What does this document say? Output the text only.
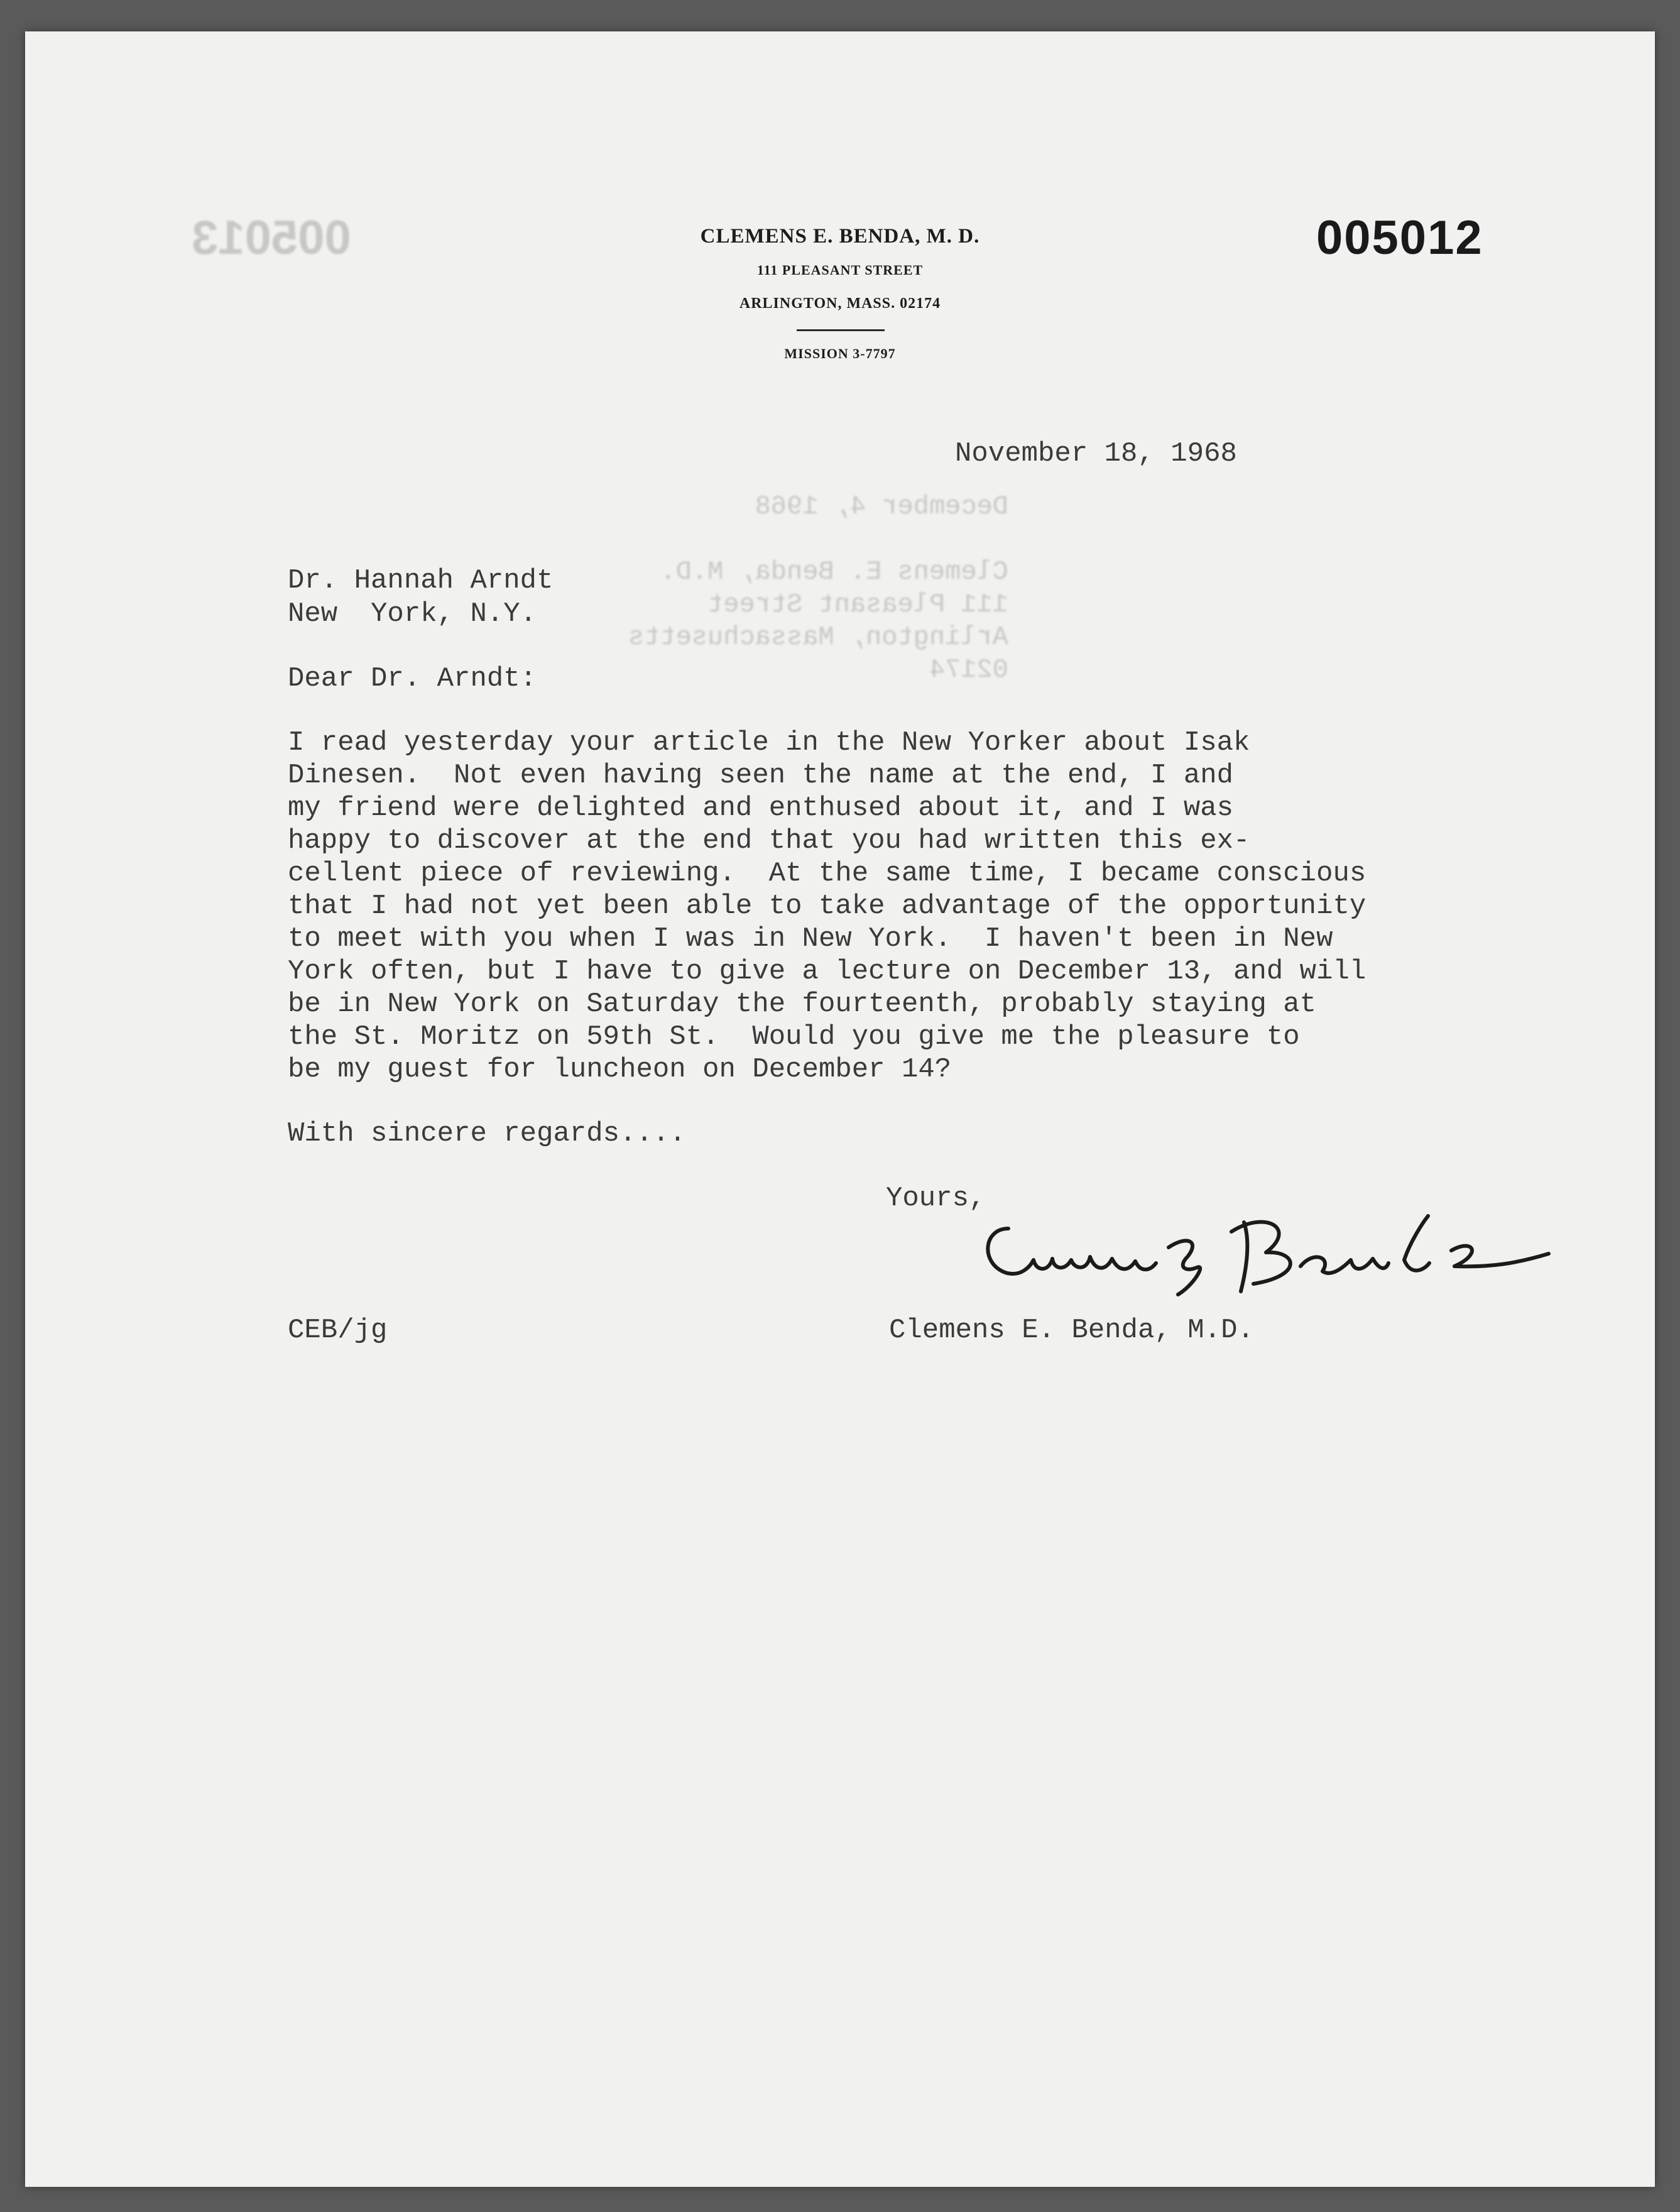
005013
December 4, 1968

Clemens E. Benda, M.D.
111 Pleasant Street
Arlington, Massachusetts
02174
CLEMENS E. BENDA, M. D.
111 PLEASANT STREET
ARLINGTON, MASS. 02174
MISSION 3-7797
005012
November 18, 1968
Dr. Hannah Arndt
New  York, N.Y.
Dear Dr. Arndt:
I read yesterday your article in the New Yorker about Isak
Dinesen.  Not even having seen the name at the end, I and
my friend were delighted and enthused about it, and I was
happy to discover at the end that you had written this ex-
cellent piece of reviewing.  At the same time, I became conscious
that I had not yet been able to take advantage of the opportunity
to meet with you when I was in New York.  I haven't been in New
York often, but I have to give a lecture on December 13, and will
be in New York on Saturday the fourteenth, probably staying at
the St. Moritz on 59th St.  Would you give me the pleasure to
be my guest for luncheon on December 14?
With sincere regards....
Yours,
Clemens E. Benda, M.D.
CEB/jg
